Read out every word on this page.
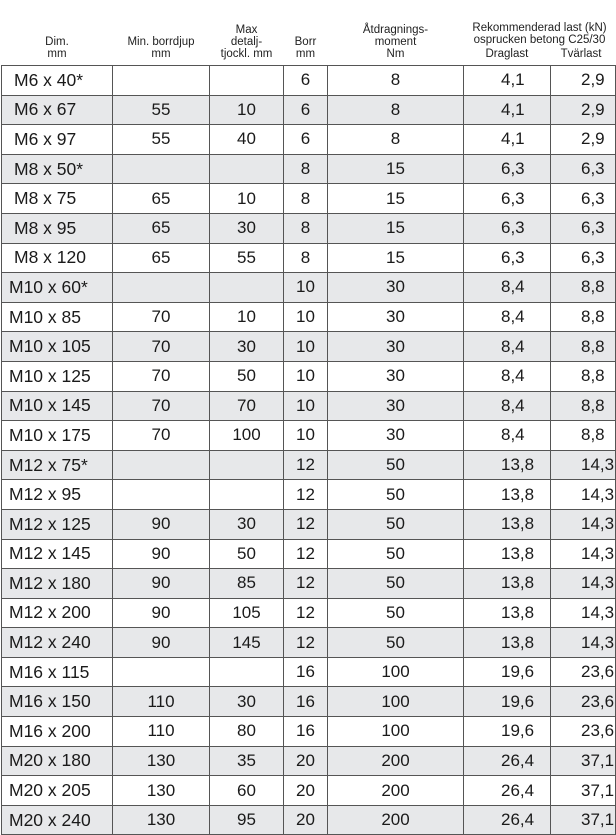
Dim.
mm	Min. borrdjup
mm	Max
detalj-
tjockl. mm	Borr
mm	Åtdragnings-
moment
Nm	Rekommenderad last (kN)
osprucken betong C25/30
Draglast Tvärlast	

M6 x 40*			6	8	4,1	2,9
M6 x 67	55	10	6	8	4,1	2,9
M6 x 97	55	40	6	8	4,1	2,9
M8 x 50*			8	15	6,3	6,3
M8 x 75	65	10	8	15	6,3	6,3
M8 x 95	65	30	8	15	6,3	6,3
M8 x 120	65	55	8	15	6,3	6,3
M10 x 60*			10	30	8,4	8,8
M10 x 85	70	10	10	30	8,4	8,8
M10 x 105	70	30	10	30	8,4	8,8
M10 x 125	70	50	10	30	8,4	8,8
M10 x 145	70	70	10	30	8,4	8,8
M10 x 175	70	100	10	30	8,4	8,8
M12 x 75*			12	50	13,8	14,3
M12 x 95			12	50	13,8	14,3
M12 x 125	90	30	12	50	13,8	14,3
M12 x 145	90	50	12	50	13,8	14,3
M12 x 180	90	85	12	50	13,8	14,3
M12 x 200	90	105	12	50	13,8	14,3
M12 x 240	90	145	12	50	13,8	14,3
M16 x 115			16	100	19,6	23,6
M16 x 150	110	30	16	100	19,6	23,6
M16 x 200	110	80	16	100	19,6	23,6
M20 x 180	130	35	20	200	26,4	37,1
M20 x 205	130	60	20	200	26,4	37,1
M20 x 240	130	95	20	200	26,4	37,1
